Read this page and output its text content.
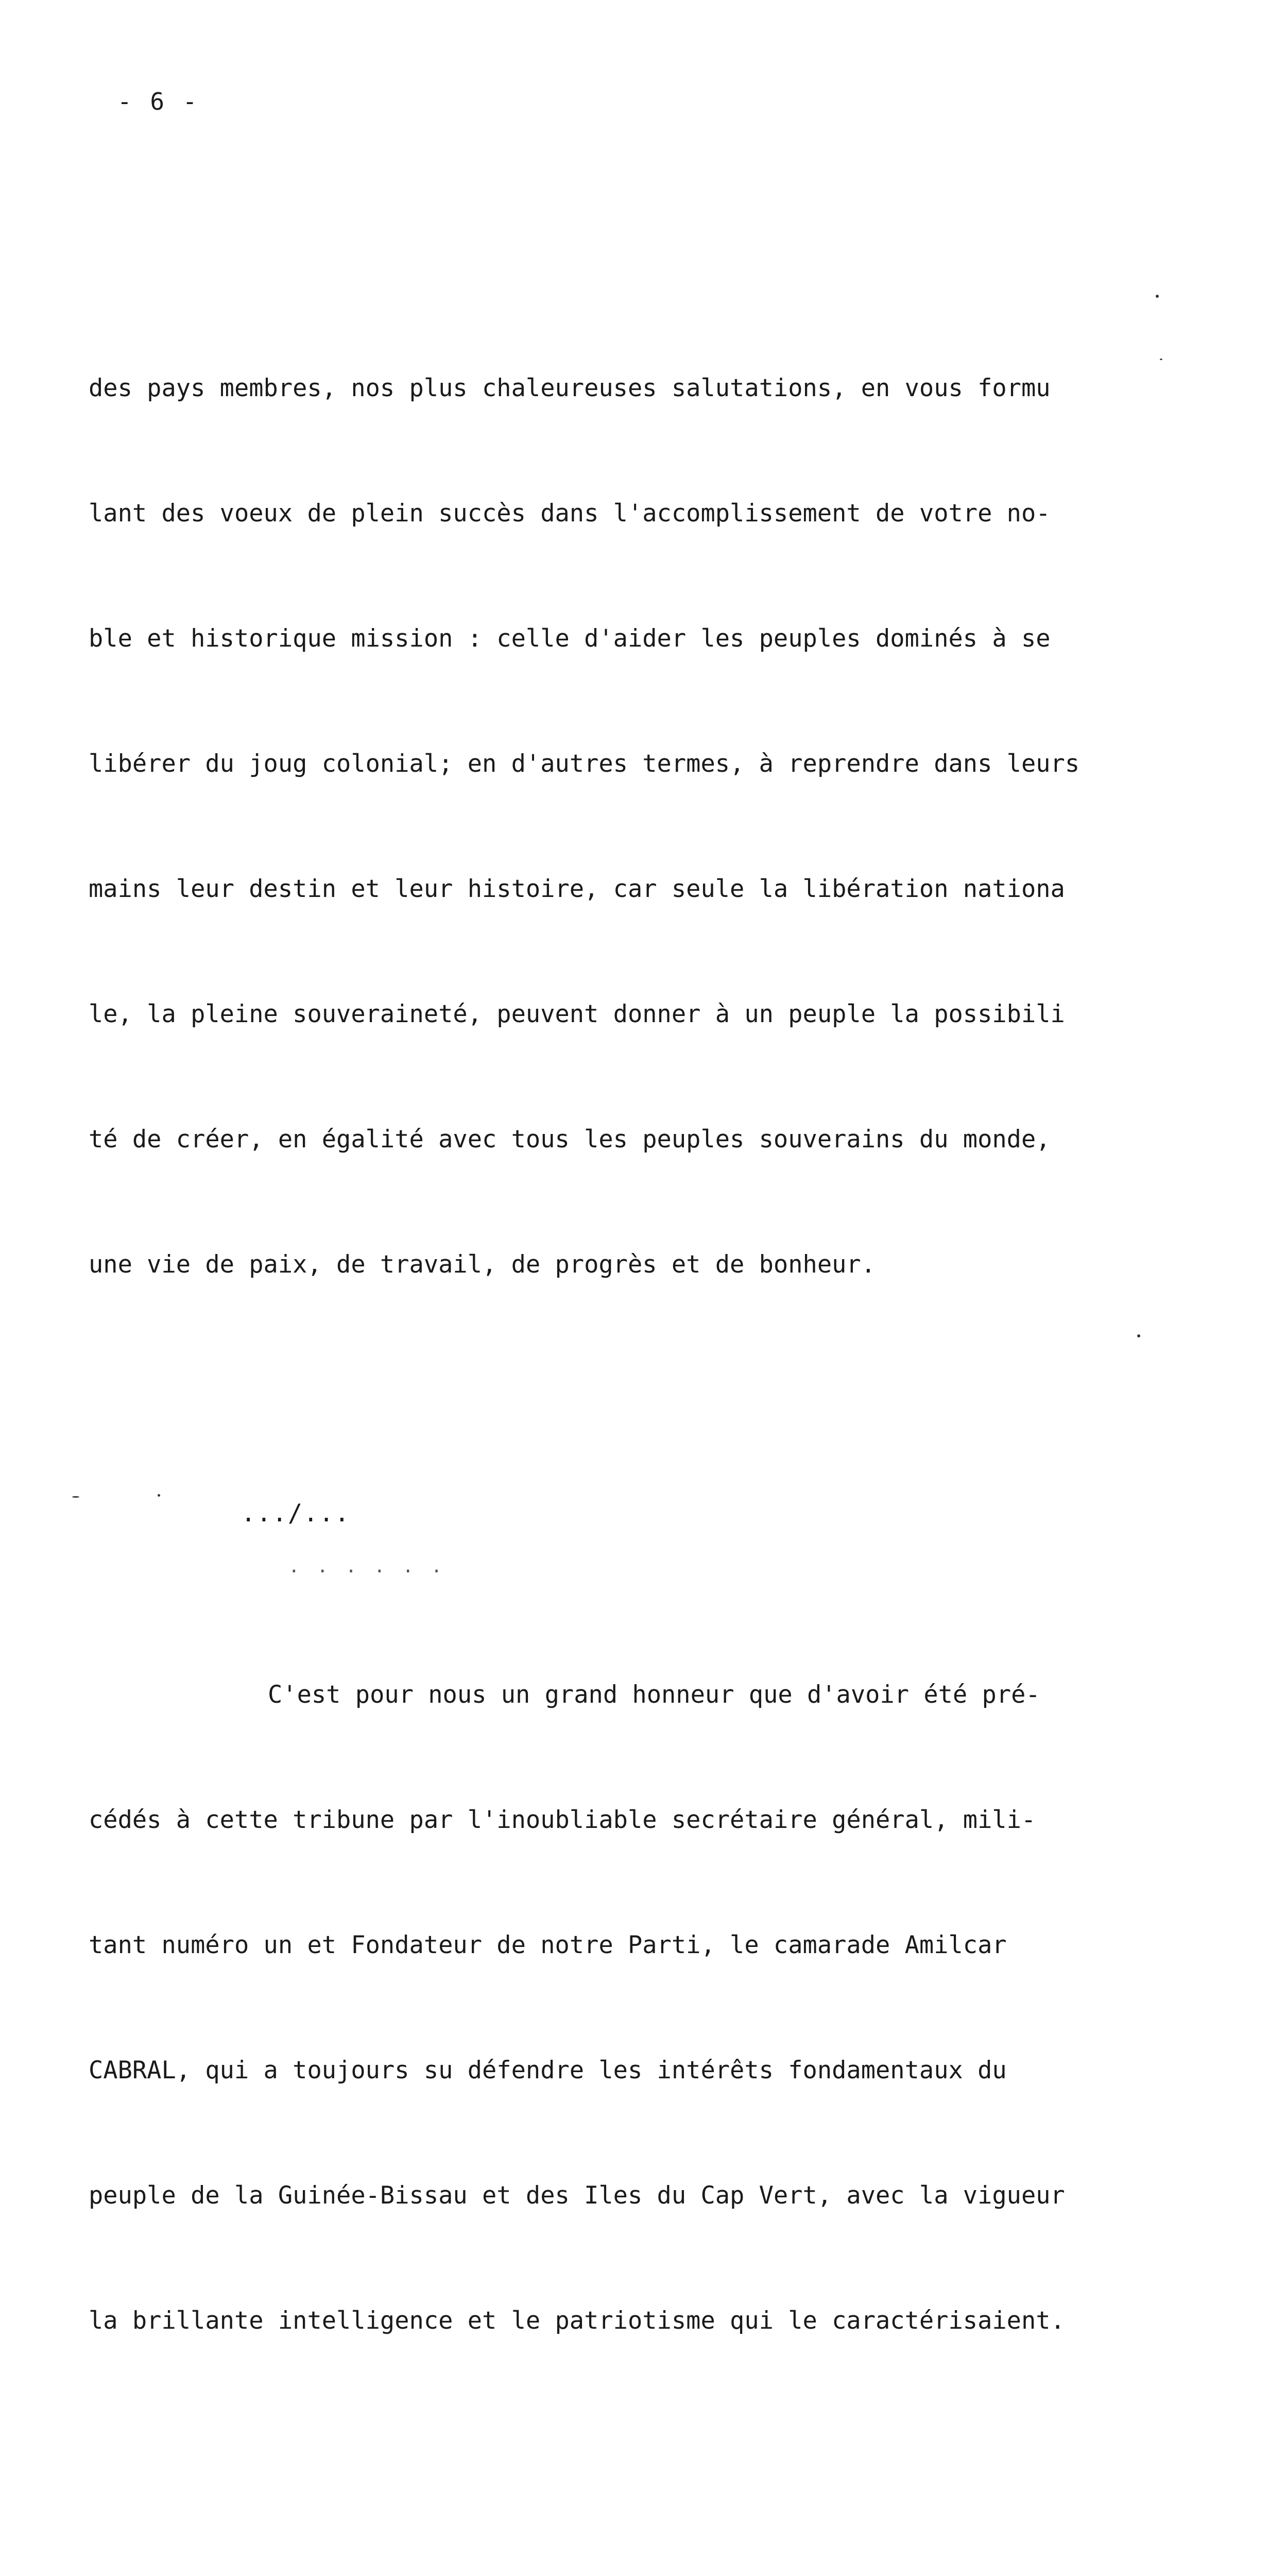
- 6 -

des pays membres, nos plus chaleureuses salutations, en vous formu

lant des voeux de plein succès dans l'accomplissement de votre no-

ble et historique mission : celle d'aider les peuples dominés à se

libérer du joug colonial; en d'autres termes, à reprendre dans leurs

mains leur destin et leur histoire, car seule la libération nationa

le, la pleine souveraineté, peuvent donner à un peuple la possibili

té de créer, en égalité avec tous les peuples souverains du monde,

une vie de paix, de travail, de progrès et de bonheur.

C'est pour nous un grand honneur que d'avoir été pré-

cédés à cette tribune par l'inoubliable secrétaire général, mili-

tant numéro un et Fondateur de notre Parti, le camarade Amilcar

CABRAL, qui a toujours su défendre les intérêts fondamentaux du

peuple de la Guinée-Bissau et des Iles du Cap Vert, avec la vigueur

la brillante intelligence et le patriotisme qui le caractérisaient.

.../...
· · · · · ·
